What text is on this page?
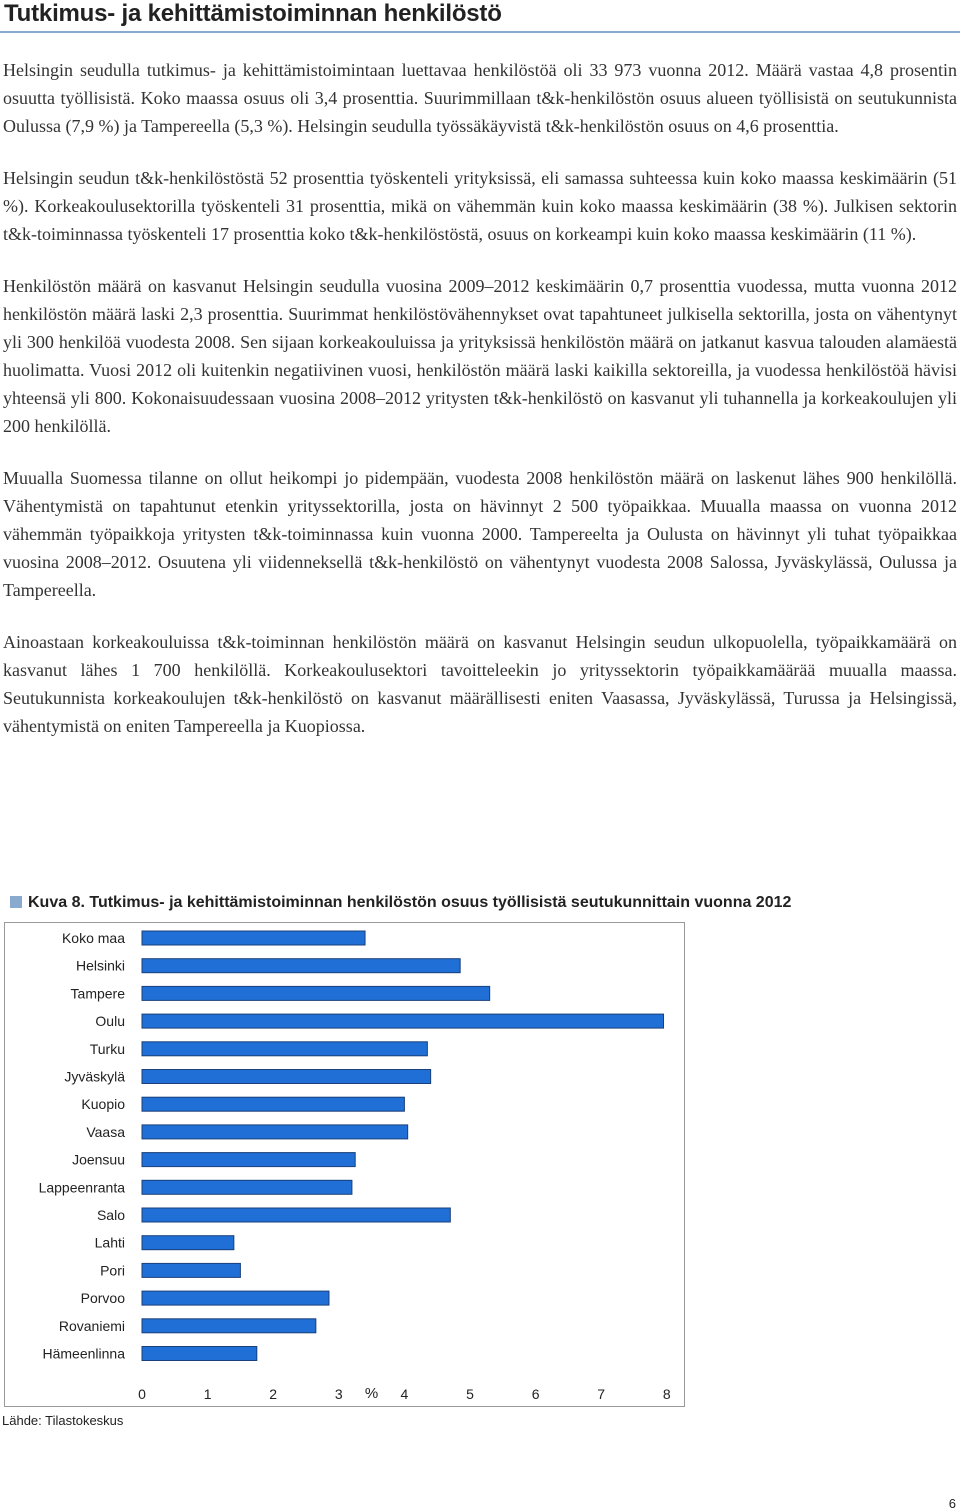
Tutkimus- ja kehittämistoiminnan henkilöstö

Helsingin seudulla tutkimus- ja kehittämistoimintaan luettavaa henkilöstöä oli 33 973 vuonna 2012. Määrä vastaa 4,8 prosentin osuutta työllisistä. Koko maassa osuus oli 3,4 prosenttia. Suurimmillaan t&k-henkilöstön osuus alueen työllisistä on seutukunnista Oulussa (7,9 %) ja Tampereella (5,3 %). Helsingin seudulla työssäkäyvistä t&k-henkilöstön osuus on 4,6 prosenttia.

Helsingin seudun t&k-henkilöstöstä 52 prosenttia työskenteli yrityksissä, eli samassa suhteessa kuin koko maassa keskimäärin (51 %). Korkeakoulusektorilla työskenteli 31 prosenttia, mikä on vähemmän kuin koko maassa keskimäärin (38 %). Julkisen sektorin t&k-toiminnassa työskenteli 17 prosenttia koko t&k-henkilöstöstä, osuus on korkeampi kuin koko maassa keskimäärin (11 %).

Henkilöstön määrä on kasvanut Helsingin seudulla vuosina 2009–2012 keskimäärin 0,7 prosenttia vuodessa, mutta vuonna 2012 henkilöstön määrä laski 2,3 prosenttia. Suurimmat henkilöstövähennykset ovat tapahtuneet julkisella sektorilla, josta on vähentynyt yli 300 henkilöä vuodesta 2008. Sen sijaan korkeakouluissa ja yrityksissä henkilöstön määrä on jatkanut kasvua talouden alamäestä huolimatta. Vuosi 2012 oli kuitenkin negatiivinen vuosi, henkilöstön määrä laski kaikilla sektoreilla, ja vuodessa henkilöstöä hävisi yhteensä yli 800. Kokonaisuudessaan vuosina 2008–2012 yritysten t&k-henkilöstö on kasvanut yli tuhannella ja korkeakoulujen yli 200 henkilöllä.

Muualla Suomessa tilanne on ollut heikompi jo pidempään, vuodesta 2008 henkilöstön määrä on laskenut lähes 900 henkilöllä. Vähentymistä on tapahtunut etenkin yrityssektorilla, josta on hävinnyt 2 500 työpaikkaa. Muualla maassa on vuonna 2012 vähemmän työpaikkoja yritysten t&k-toiminnassa kuin vuonna 2000. Tampereelta ja Oulusta on hävinnyt yli tuhat työpaikkaa vuosina 2008–2012. Osuutena yli viidenneksellä t&k-henkilöstö on vähentynyt vuodesta 2008 Salossa, Jyväskylässä, Oulussa ja Tampereella.

Ainoastaan korkeakouluissa t&k-toiminnan henkilöstön määrä on kasvanut Helsingin seudun ulkopuolella, työpaikkamäärä on kasvanut lähes 1 700 henkilöllä. Korkeakoulusektori tavoitteleekin jo yrityssektorin työpaikkamäärää muualla maassa. Seutukunnista korkeakoulujen t&k-henkilöstö on kasvanut määrällisesti eniten Vaasassa, Jyväskylässä, Turussa ja Helsingissä, vähentymistä on eniten Tampereella ja Kuopiossa.

Kuva 8. Tutkimus- ja kehittämistoiminnan henkilöstön osuus työllisistä seutukunnittain vuonna 2012
Koko maa
Helsinki
Tampere
Oulu
Turku
Jyväskylä
Kuopio
Vaasa
Joensuu
Lappeenranta
Salo
Lahti
Pori
Porvoo
Rovaniemi
Hämeenlinna
0	1	2	3	4	5	6	7	8
%
Lähde: Tilastokeskus
6
